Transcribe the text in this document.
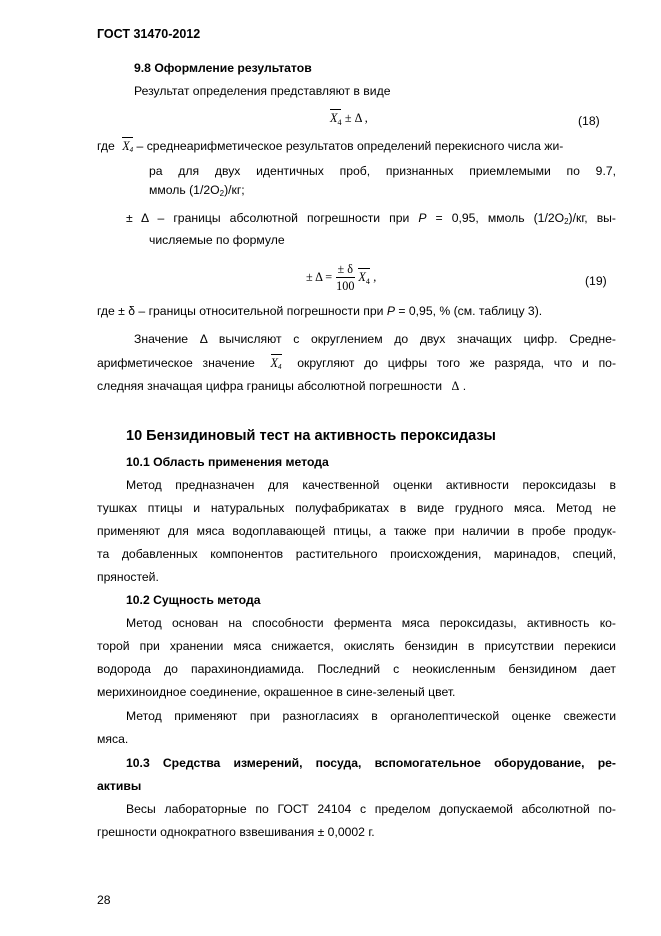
ГОСТ 31470-2012
9.8 Оформление результатов
Результат определения представляют в виде
$X_4 \pm \Delta$ ,	(18)
где $X_4$ – среднеарифметическое результатов определений перекисного числа жи-
ра для двух идентичных проб, признанных приемлемыми по 9.7,
ммоль $(1/2O_2)/кг$;
± Δ – границы абсолютной погрешности при P = 0,95, ммоль $(1/2O_2)/кг$, вы-
числяемые по формуле
± $\Delta = \frac{\pm \delta}{100} X_4$ ,	(19)
где ± δ – границы относительной погрешности при P = 0,95, % (см. таблицу 3).
Значение Δ вычисляют с округлением до двух значащих цифр. Средне-
арифметическое значение $X_4$ округляют до цифры того же разряда, что и по-
следняя значащая цифра границы абсолютной погрешности Δ .
10 Бензидиновый тест на активность пероксидазы
10.1 Область применения метода
Метод предназначен для качественной оценки активности пероксидазы в
тушках птицы и натуральных полуфабрикатах в виде грудного мяса. Метод не
применяют для мяса водоплавающей птицы, а также при наличии в пробе продук-
та добавленных компонентов растительного происхождения, маринадов, специй,
пряностей.
10.2 Сущность метода
Метод основан на способности фермента мяса пероксидазы, активность ко-
торой при хранении мяса снижается, окислять бензидин в присутствии перекиси
водорода до парахинондиамида. Последний с неокисленным бензидином дает
мерихиноидное соединение, окрашенное в сине-зеленый цвет.
Метод применяют при разногласиях в органолептической оценке свежести
мяса.
10.3 Средства измерений, посуда, вспомогательное оборудование, ре-
активы
Весы лабораторные по ГОСТ 24104 с пределом допускаемой абсолютной по-
грешности однократного взвешивания ± 0,0002 г.
28
